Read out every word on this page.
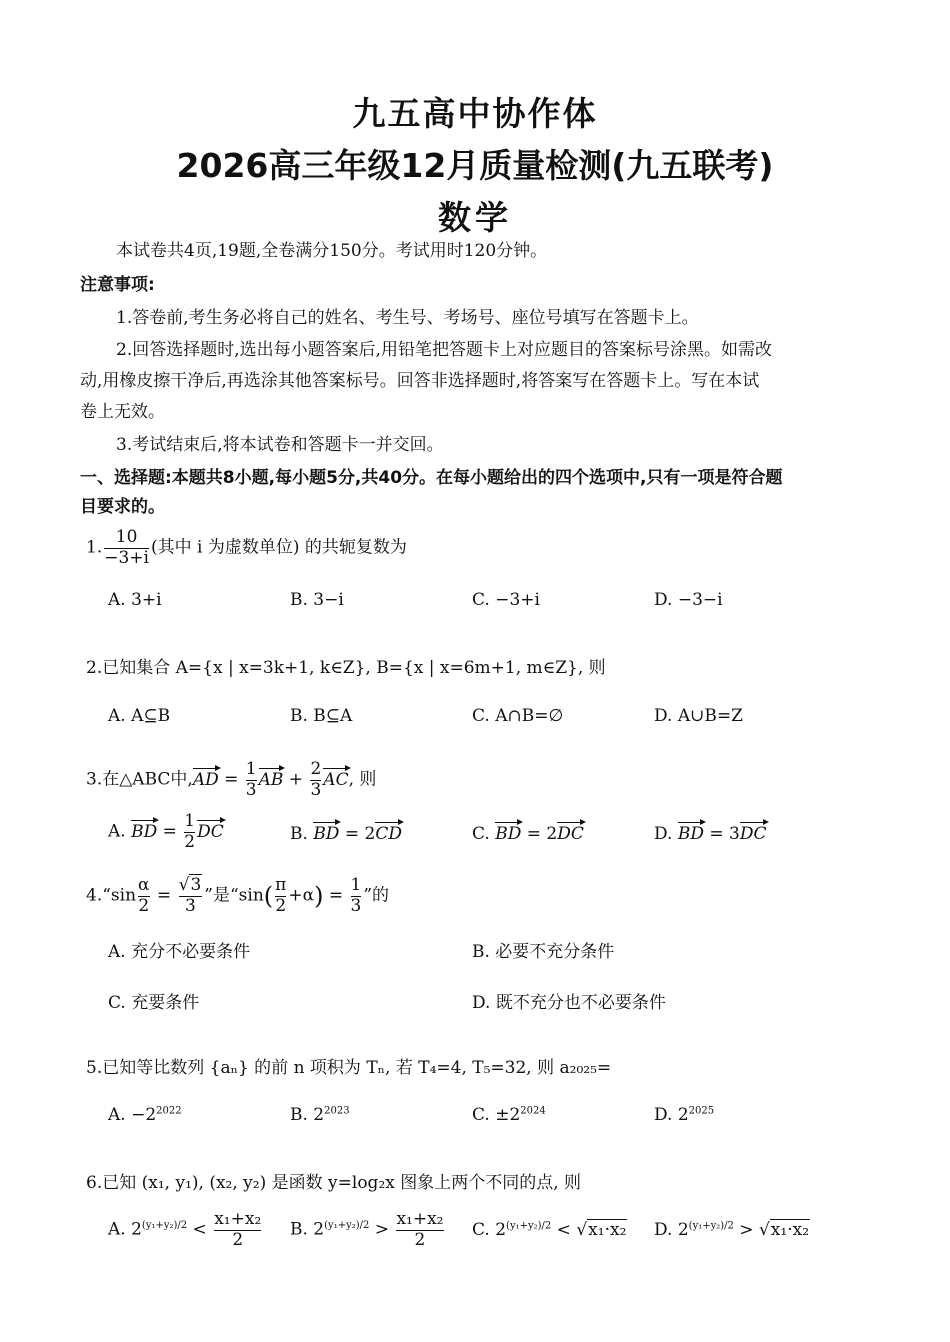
九五高中协作体
2026高三年级12月质量检测(九五联考)
数学
本试卷共4页,19题,全卷满分150分。考试用时120分钟。
注意事项:
1.答卷前,考生务必将自己的姓名、考生号、考场号、座位号填写在答题卡上。
2.回答选择题时,选出每小题答案后,用铅笔把答题卡上对应题目的答案标号涂黑。如需改
动,用橡皮擦干净后,再选涂其他答案标号。回答非选择题时,将答案写在答题卡上。写在本试
卷上无效。
3.考试结束后,将本试卷和答题卡一并交回。
一、选择题:本题共8小题,每小题5分,共40分。在每小题给出的四个选项中,只有一项是符合题
目要求的。
1. $\frac{10}{-3+i}$ (其中 i 为虚数单位) 的共轭复数为
A. 3+i	B. 3−i	C. −3+i	D. −3−i
2.已知集合 A={x | x=3k+1, k∈Z}, B={x | x=6m+1, m∈Z}, 则
A. A⊆B	B. B⊆A	C. A∩B=∅	D. A∪B=Z
3.在△ABC中$,AD = \frac{1}{3}$ AB + $\frac{2}{3}$ AC, 则
A. BD = $\frac{1}{2}$ DC	B. BD = 2CD	C. BD = 2DC	D. BD = 3DC
4.“sin $\frac{\alpha}{2} = \frac{√3}{3}$ ”是“$\sin( \frac{\pi}{2} +\alpha) = \frac{1}{3}$ ”的
A. 充分不必要条件	B. 必要不充分条件
C. 充要条件	D. 既不充分也不必要条件
5.已知等比数列 {aₙ} 的前 n 项积为 Tₙ, 若 T₄=4, T₅=32, 则 a₂₀₂₅=
A. $-2^{2022}$	B. $2^{2023}$	C. $\pm 2^{2024}$	D. $2^{2025}$
6.已知 (x₁, y₁), (x₂, y₂) 是函数 y=log₂x 图象上两个不同的点, 则
A. $2^{(y_1+y_2)/2} < \frac{\text{x₁+x₂}}{2} B$. $2^{(y_1+y_2)/2} > \frac{\text{x₁+x₂}}{2} C$. $2^{(y_1+y_2)/2} < √x_1\cdot x_2$ D. $2^{(y_1+y_2)/2} > √x_1\cdot x_2$
